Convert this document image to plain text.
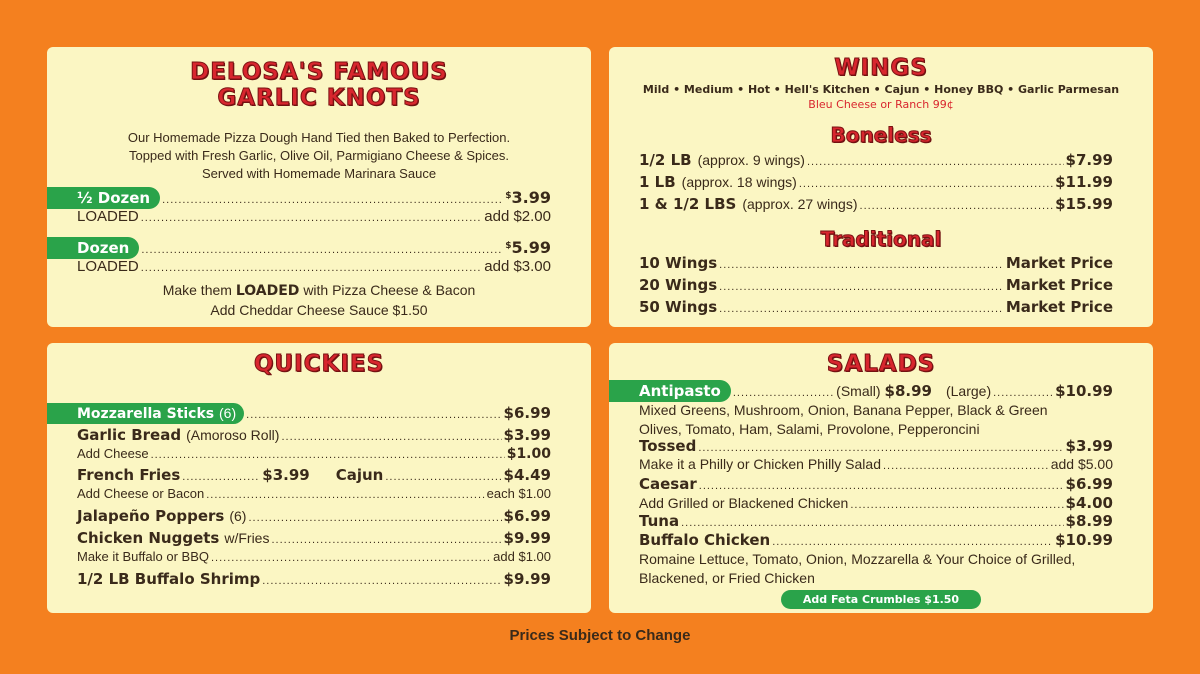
DELOSA'S FAMOUS
GARLIC KNOTS
Our Homemade Pizza Dough Hand Tied then Baked to Perfection.
Topped with Fresh Garlic, Olive Oil, Parmigiano Cheese & Spices.
Served with Homemade Marinara Sauce
½ Dozen .....	$3.99
LOADED .....	add $2.00
Dozen .....	$5.99
LOADED .....	add $3.00
Make them LOADED with Pizza Cheese & Bacon
Add Cheddar Cheese Sauce $1.50
WINGS
Mild • Medium • Hot • Hell's Kitchen • Cajun • Honey BBQ • Garlic Parmesan
Bleu Cheese or Ranch 99¢
Boneless
1/2 LB (approx. 9 wings) .....	$7.99
1 LB (approx. 18 wings) .....	$11.99
1 & 1/2 LBS (approx. 27 wings) .....	$15.99
Traditional
10 Wings .....	Market Price
20 Wings .....	Market Price
50 Wings .....	Market Price
QUICKIES
Mozzarella Sticks (6) .....	$6.99
Garlic Bread (Amoroso Roll) .....	$3.99
Add Cheese .....	$1.00
French Fries .....	$3.99 Cajun .....	$4.49
Add Cheese or Bacon .....	each $1.00
Jalapeño Poppers (6) .....	$6.99
Chicken Nuggets w/Fries .....	$9.99
Make it Buffalo or BBQ .....	add $1.00
1/2 LB Buffalo Shrimp .....	$9.99
SALADS
Antipasto .....	(Small) $8.99 (Large) .....	$10.99
Mixed Greens, Mushroom, Onion, Banana Pepper, Black & Green
Olives, Tomato, Ham, Salami, Provolone, Pepperoncini
Tossed .....	$3.99
Make it a Philly or Chicken Philly Salad .....	add $5.00
Caesar .....	$6.99
Add Grilled or Blackened Chicken .....	$4.00
Tuna .....	$8.99
Buffalo Chicken .....	$10.99
Romaine Lettuce, Tomato, Onion, Mozzarella & Your Choice of Grilled,
Blackened, or Fried Chicken
Add Feta Crumbles $1.50
Prices Subject to Change
